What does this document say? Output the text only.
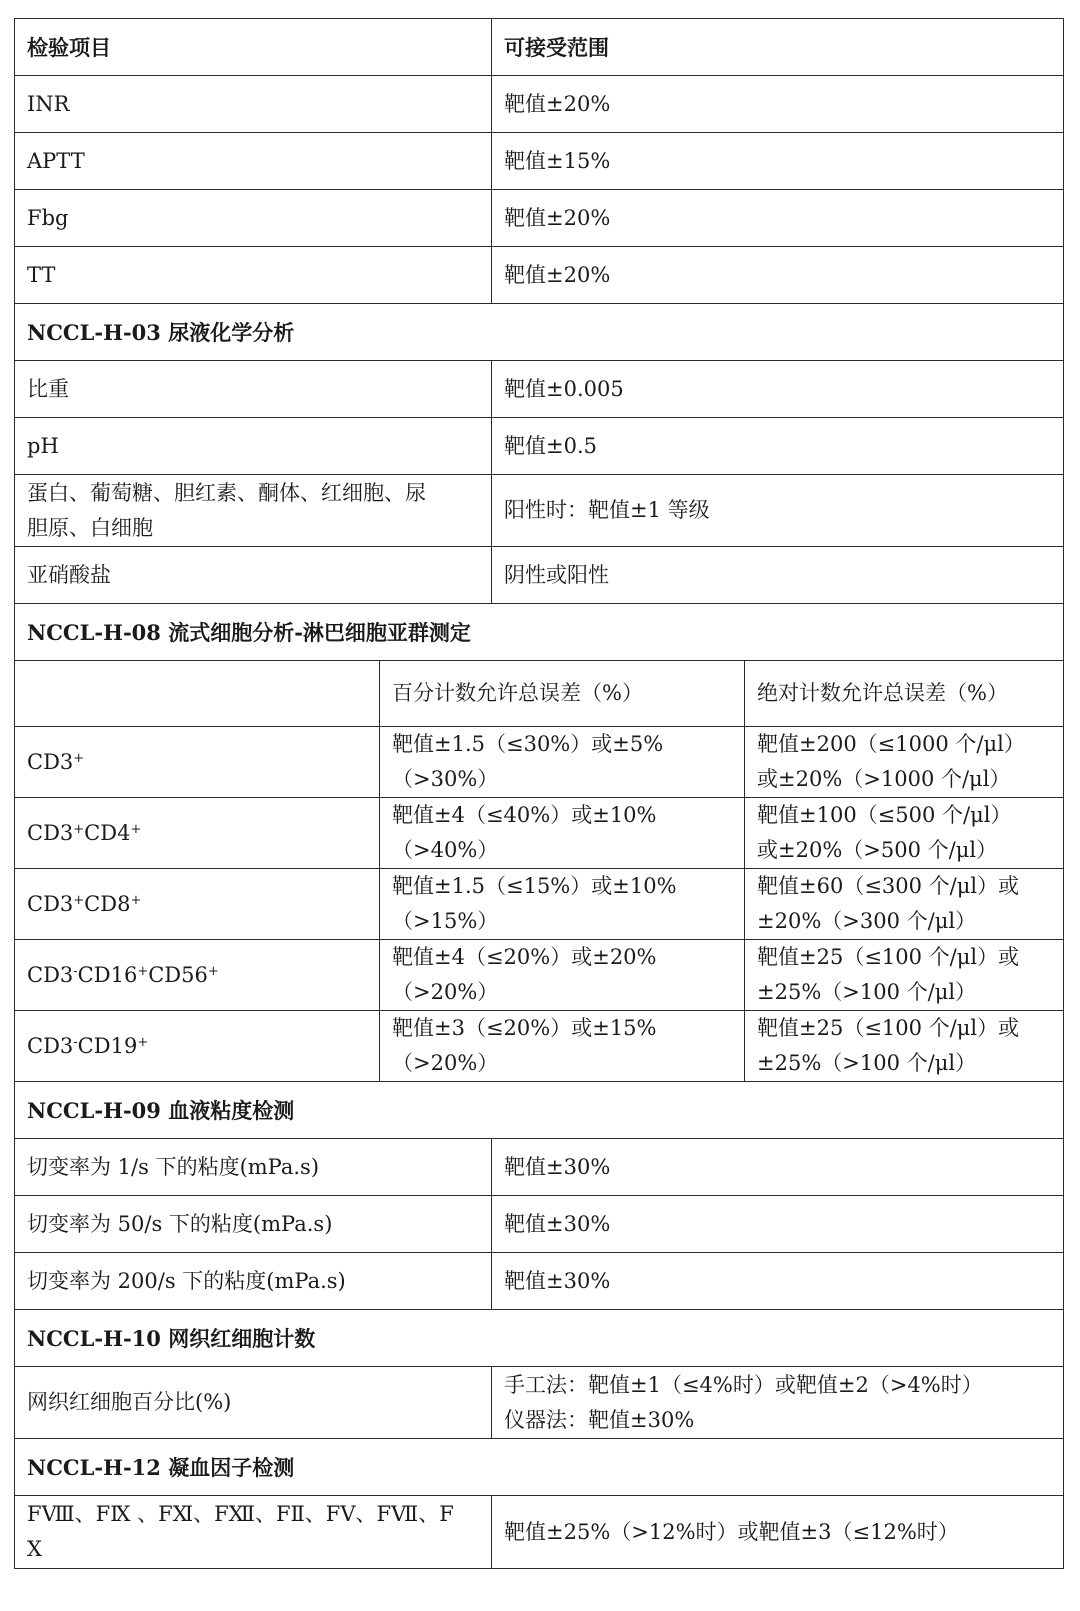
检验项目		可接受范围	
INR		靶值±20%	
APTT		靶值±15%	
Fbg		靶值±20%	
TT		靶值±20%	
NCCL-H-03 尿液化学分析			
比重		靶值±0.005	
pH		靶值±0.5	

蛋白、葡萄糖、胆红素、酮体、红细胞、尿
胆原、白细胞		阳性时：靶值±1 等级	
亚硝酸盐		阴性或阳性	
NCCL-H-08 流式细胞分析-淋巴细胞亚群测定			
	百分计数允许总误差（%）		绝对计数允许总误差（%）
CD3+	靶值±1.5（≤30%）或±5%（>30%）		靶值±200（≤1000 个/μl）
或±20%（>1000 个/μl）

CD3+CD4+	靶值±4（≤40%）或±10%（>40%）		靶值±100（≤500 个/μl）
或±20%（>500 个/μl）

CD3+CD8+	靶值±1.5（≤15%）或±10%（>15%）		靶值±60（≤300 个/μl）或
±20%（>300 个/μl）

CD3-CD16+CD56+	靶值±4（≤20%）或±20%（>20%）		靶值±25（≤100 个/μl）或
±25%（>100 个/μl）

CD3-CD19+	靶值±3（≤20%）或±15%（>20%）		靶值±25（≤100 个/μl）或
±25%（>100 个/μl）

NCCL-H-09 血液粘度检测			
切变率为 1/s 下的粘度(mPa.s)		靶值±30%	
切变率为 50/s 下的粘度(mPa.s)		靶值±30%	
切变率为 200/s 下的粘度(mPa.s)		靶值±30%	
NCCL-H-10 网织红细胞计数			
网织红细胞百分比(%)		手工法：靶值±1（≤4%时）或靶值±2（>4%时）
仪器法：靶值±30%	

NCCL-H-12 凝血因子检测			

FⅧ、FⅨ 、FⅪ、FⅫ、FⅡ、FⅤ、FⅦ、F
Ⅹ		靶值±25%（>12%时）或靶值±3（≤12%时）	
